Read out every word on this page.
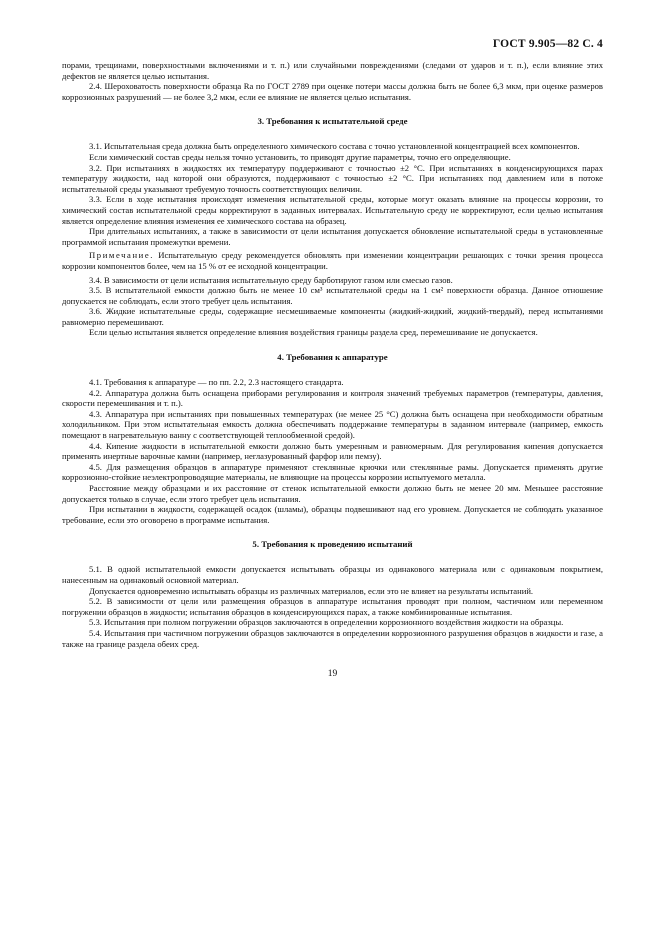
ГОСТ 9.905—82 С. 4

порами, трещинами, поверхностными включениями и т. п.) или случайными повреждениями (следами от ударов и т. п.), если влияние этих дефектов не является целью испытания.

2.4. Шероховатость поверхности образца Ra по ГОСТ 2789 при оценке потери массы должна быть не более 6,3 мкм, при оценке размеров коррозионных разрушений — не более 3,2 мкм, если ее влияние не является целью испытания.

3. Требования к испытательной среде

3.1. Испытательная среда должна быть определенного химического состава с точно установленной концентрацией всех компонентов.

Если химический состав среды нельзя точно установить, то приводят другие параметры, точно его определяющие.

3.2. При испытаниях в жидкостях их температуру поддерживают с точностью ±2 °С. При испытаниях в конденсирующихся парах температуру жидкости, над которой они образуются, поддерживают с точностью ±2 °С. При испытаниях под давлением или в потоке испытательной среды указывают требуемую точность соответствующих величин.

3.3. Если в ходе испытания происходят изменения испытательной среды, которые могут оказать влияние на процессы коррозии, то химический состав испытательной среды корректируют в заданных интервалах. Испытательную среду не корректируют, если целью испытания является определение влияния изменения ее химического состава на образец.

При длительных испытаниях, а также в зависимости от цели испытания допускается обновление испытательной среды в установленные программой испытания промежутки времени.

Примечание. Испытательную среду рекомендуется обновлять при изменении концентрации решающих с точки зрения процесса коррозии компонентов более, чем на 15 % от ее исходной концентрации.

3.4. В зависимости от цели испытания испытательную среду барботируют газом или смесью газов.

3.5. В испытательной емкости должно быть не менее 10 см³ испытательной среды на 1 см² поверхности образца. Данное отношение допускается не соблюдать, если этого требует цель испытания.

3.6. Жидкие испытательные среды, содержащие несмешиваемые компоненты (жидкий-жидкий, жидкий-твердый), перед испытаниями равномерно перемешивают.

Если целью испытания является определение влияния воздействия границы раздела сред, перемешивание не допускается.

4. Требования к аппаратуре

4.1. Требования к аппаратуре — по пп. 2.2, 2.3 настоящего стандарта.

4.2. Аппаратура должна быть оснащена приборами регулирования и контроля значений требуемых параметров (температуры, давления, скорости перемешивания и т. п.).

4.3. Аппаратура при испытаниях при повышенных температурах (не менее 25 °С) должна быть оснащена при необходимости обратным холодильником. При этом испытательная емкость должна обеспечивать поддержание температуры в заданном интервале (например, емкость помещают в нагревательную ванну с соответствующей теплообменной средой).

4.4. Кипение жидкости в испытательной емкости должно быть умеренным и равномерным. Для регулирования кипения допускается применять инертные варочные камни (например, неглазурованный фарфор или пемзу).

4.5. Для размещения образцов в аппаратуре применяют стеклянные крючки или стеклянные рамы. Допускается применять другие коррозионно-стойкие неэлектропроводящие материалы, не влияющие на процессы коррозии испытуемого металла.

Расстояние между образцами и их расстояние от стенок испытательной емкости должно быть не менее 20 мм. Меньшее расстояние допускается только в случае, если этого требует цель испытания.

При испытании в жидкости, содержащей осадок (шламы), образцы подвешивают над его уровнем. Допускается не соблюдать указанное требование, если это оговорено в программе испытания.

5. Требования к проведению испытаний

5.1. В одной испытательной емкости допускается испытывать образцы из одинакового материала или с одинаковым покрытием, нанесенным на одинаковый основной материал.

Допускается одновременно испытывать образцы из различных материалов, если это не влияет на результаты испытаний.

5.2. В зависимости от цели или размещения образцов в аппаратуре испытания проводят при полном, частичном или переменном погружении образцов в жидкости; испытания образцов в конденсирующихся парах, а также комбинированные испытания.

5.3. Испытания при полном погружении образцов заключаются в определении коррозионного воздействия жидкости на образцы.

5.4. Испытания при частичном погружении образцов заключаются в определении коррозионного разрушения образцов в жидкости и газе, а также на границе раздела обеих сред.

19
